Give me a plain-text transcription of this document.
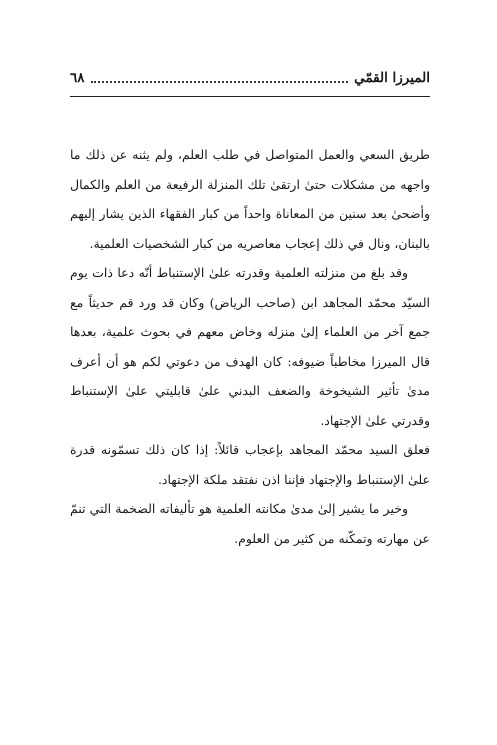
الميرزا القمّي
٦٨

طريق السعي والعمل المتواصل في طلب العلم، ولم يثنه عن ذلك ما واجهه من مشكلات حتىٰ ارتقىٰ تلك المنزلة الرفيعة من العلم والكمال وأضحىٰ بعد سنين من المعاناة واحداً من كبار الفقهاء الذين يشار إليهم بالبنان، ونال في ذلك إعجاب معاصريه من كبار الشخصيات العلمية.

وقد بلغ من منزلته العلمية وقدرته علىٰ الإستنباط أنّه دعا ذات يوم السيّد محمّد المجاهد ابن (صاحب الرياض) وكان قد ورد قم حديثاً مع جمع آخر من العلماء إلىٰ منزله وخاض معهم في بحوث علمية، بعدها قال الميرزا مخاطباً ضيوفه: كان الهدف من دعوتي لكم هو أن أعرف مدىٰ تأثير الشيخوخة والضعف البدني علىٰ قابليتي علىٰ الإستنباط وقدرتي علىٰ الإجتهاد.

فعلق السيد محمّد المجاهد بإعجاب قائلاً: إذا كان ذلك تسمّونه قدرة علىٰ الإستنباط والإجتهاد فإننا اذن نفتقد ملكة الإجتهاد.

وخير ما يشير إلىٰ مدىٰ مكانته العلمية هو تأليفاته الضخمة التي تنمّ عن مهارته وتمكّنه من كثير من العلوم.
